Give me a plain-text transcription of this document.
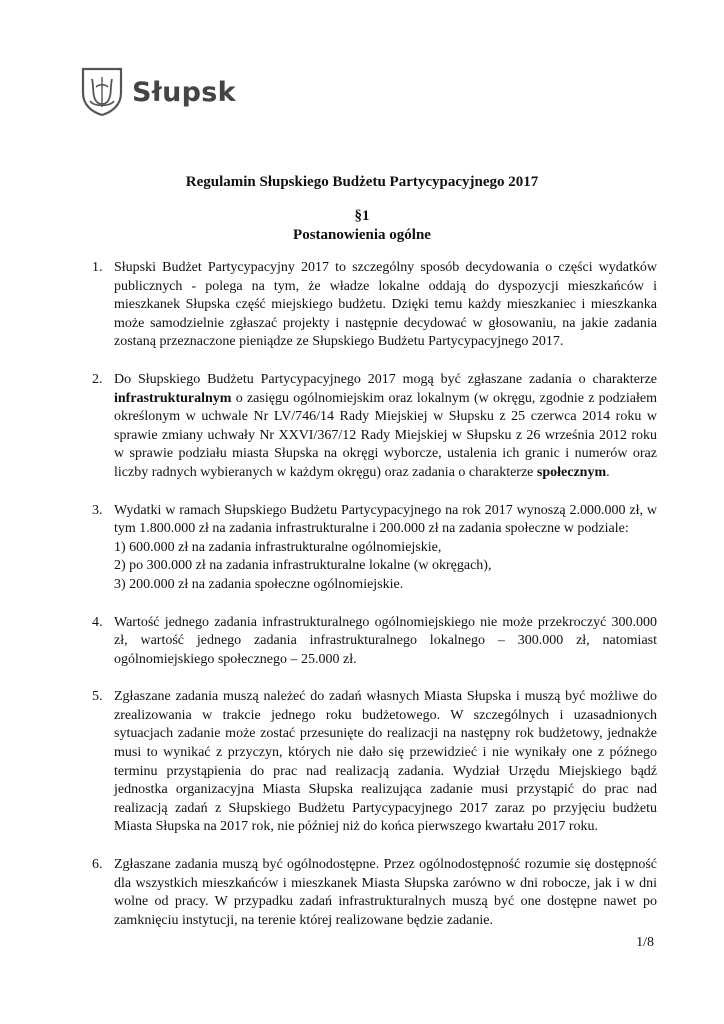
Słupsk
Regulamin Słupskiego Budżetu Partycypacyjnego 2017
§1
Postanowienia ogólne
1. Słupski Budżet Partycypacyjny 2017 to szczególny sposób decydowania o części wydatków publicznych - polega na tym, że władze lokalne oddają do dyspozycji mieszkańców i mieszkanek Słupska część miejskiego budżetu. Dzięki temu każdy mieszkaniec i mieszkanka może samodzielnie zgłaszać projekty i następnie decydować w głosowaniu, na jakie zadania zostaną przeznaczone pieniądze ze Słupskiego Budżetu Partycypacyjnego 2017.
2. Do Słupskiego Budżetu Partycypacyjnego 2017 mogą być zgłaszane zadania o charakterze infrastrukturalnym o zasięgu ogólnomiejskim oraz lokalnym (w okręgu, zgodnie z podziałem określonym w uchwale Nr LV/746/14 Rady Miejskiej w Słupsku z 25 czerwca 2014 roku w sprawie zmiany uchwały Nr XXVI/367/12 Rady Miejskiej w Słupsku z 26 września 2012 roku w sprawie podziału miasta Słupska na okręgi wyborcze, ustalenia ich granic i numerów oraz liczby radnych wybieranych w każdym okręgu) oraz zadania o charakterze społecznym.
3. Wydatki w ramach Słupskiego Budżetu Partycypacyjnego na rok 2017 wynoszą 2.000.000 zł, w tym 1.800.000 zł na zadania infrastrukturalne i 200.000 zł na zadania społeczne w podziale:
1) 600.000 zł na zadania infrastrukturalne ogólnomiejskie,
2) po 300.000 zł na zadania infrastrukturalne lokalne (w okręgach),
3) 200.000 zł na zadania społeczne ogólnomiejskie.
4. Wartość jednego zadania infrastrukturalnego ogólnomiejskiego nie może przekroczyć 300.000 zł, wartość jednego zadania infrastrukturalnego lokalnego – 300.000 zł, natomiast ogólnomiejskiego społecznego – 25.000 zł.
5. Zgłaszane zadania muszą należeć do zadań własnych Miasta Słupska i muszą być możliwe do zrealizowania w trakcie jednego roku budżetowego. W szczególnych i uzasadnionych sytuacjach zadanie może zostać przesunięte do realizacji na następny rok budżetowy, jednakże musi to wynikać z przyczyn, których nie dało się przewidzieć i nie wynikały one z późnego terminu przystąpienia do prac nad realizacją zadania. Wydział Urzędu Miejskiego bądź jednostka organizacyjna Miasta Słupska realizująca zadanie musi przystąpić do prac nad realizacją zadań z Słupskiego Budżetu Partycypacyjnego 2017 zaraz po przyjęciu budżetu Miasta Słupska na 2017 rok, nie później niż do końca pierwszego kwartału 2017 roku.
6. Zgłaszane zadania muszą być ogólnodostępne. Przez ogólnodostępność rozumie się dostępność dla wszystkich mieszkańców i mieszkanek Miasta Słupska zarówno w dni robocze, jak i w dni wolne od pracy. W przypadku zadań infrastrukturalnych muszą być one dostępne nawet po zamknięciu instytucji, na terenie której realizowane będzie zadanie.
1/8
